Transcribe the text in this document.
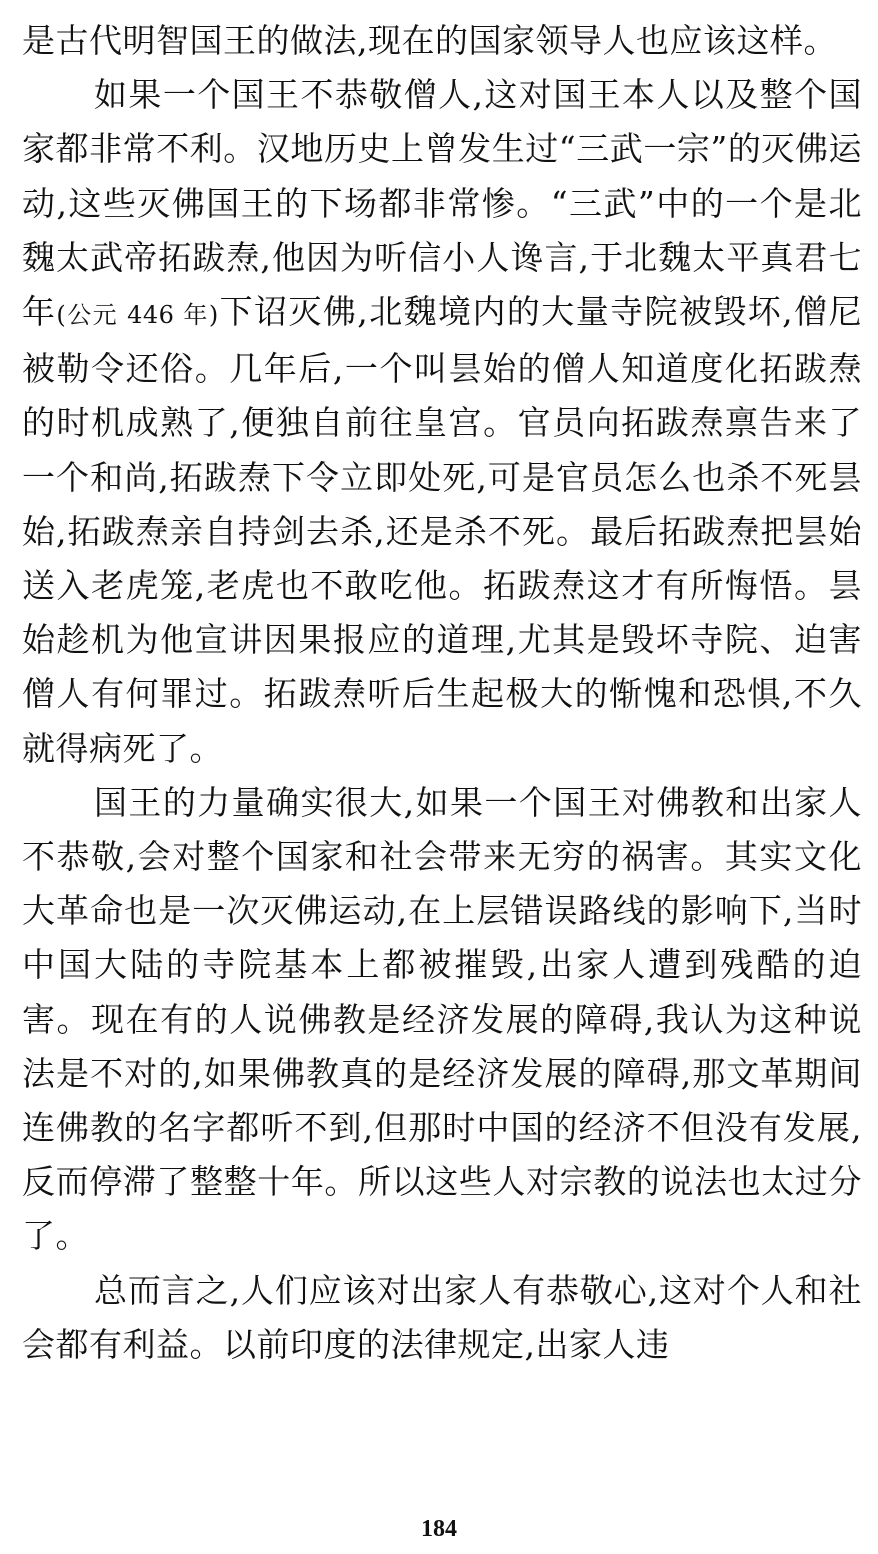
是古代明智国王的做法,现在的国家领导人也应该这样。

如果一个国王不恭敬僧人,这对国王本人以及整个国家都非常不利。汉地历史上曾发生过“三武一宗”的灭佛运动,这些灭佛国王的下场都非常惨。“三武”中的一个是北魏太武帝拓跋焘,他因为听信小人谗言,于北魏太平真君七年(公元 446 年)下诏灭佛,北魏境内的大量寺院被毁坏,僧尼被勒令还俗。几年后,一个叫昙始的僧人知道度化拓跋焘的时机成熟了,便独自前往皇宫。官员向拓跋焘禀告来了一个和尚,拓跋焘下令立即处死,可是官员怎么也杀不死昙始,拓跋焘亲自持剑去杀,还是杀不死。最后拓跋焘把昙始送入老虎笼,老虎也不敢吃他。拓跋焘这才有所悔悟。昙始趁机为他宣讲因果报应的道理,尤其是毁坏寺院、迫害僧人有何罪过。拓跋焘听后生起极大的惭愧和恐惧,不久就得病死了。

国王的力量确实很大,如果一个国王对佛教和出家人不恭敬,会对整个国家和社会带来无穷的祸害。其实文化大革命也是一次灭佛运动,在上层错误路线的影响下,当时中国大陆的寺院基本上都被摧毁,出家人遭到残酷的迫害。现在有的人说佛教是经济发展的障碍,我认为这种说法是不对的,如果佛教真的是经济发展的障碍,那文革期间连佛教的名字都听不到,但那时中国的经济不但没有发展,反而停滞了整整十年。所以这些人对宗教的说法也太过分了。

总而言之,人们应该对出家人有恭敬心,这对个人和社会都有利益。以前印度的法律规定,出家人违

184
